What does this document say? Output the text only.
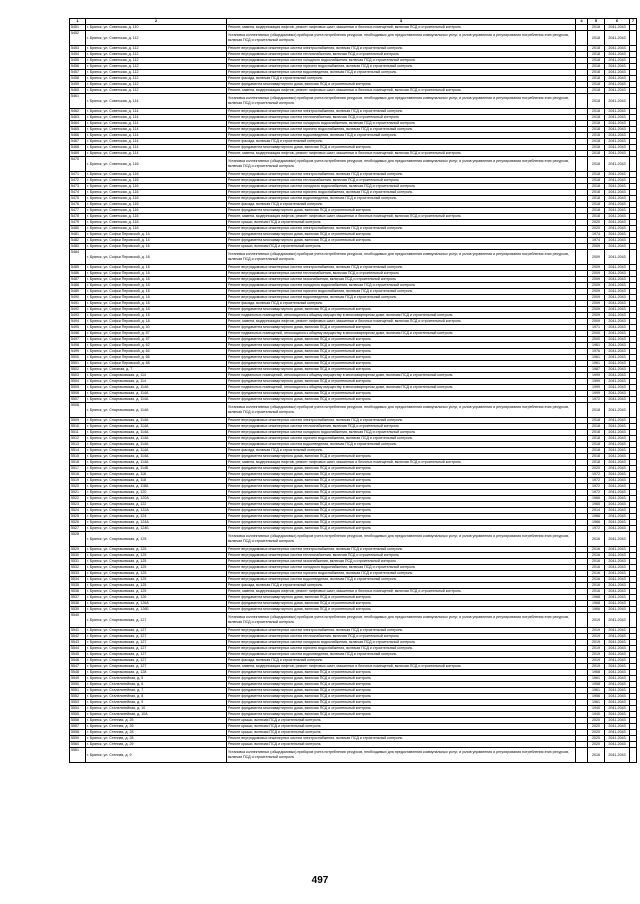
1	2	3	4	5	6	7
5451	г. Брянск, ул. Советская, д. 110	Ремонт, замена, модернизация лифтов, ремонт лифтовых шахт, машинных и блочных помещений, включая ПСД и строительный контроль		2018	2041-2043	
5452	г. Брянск, ул. Советская, д. 112	Установка коллективных (общедомовых) приборов учета потребления ресурсов, необходимых для предоставления коммунальных услуг, и узлов управления и регулирования потребления этих ресурсов, включая ПСД и строительный контроль		2018	2041-2043	
5453	г. Брянск, ул. Советская, д. 112	Ремонт внутридомовых инженерных систем электроснабжения, включая ПСД и строительный контроль		2018	2041-2043	
5454	г. Брянск, ул. Советская, д. 112	Ремонт внутридомовых инженерных систем теплоснабжения, включая ПСД и строительный контроль		2018	2041-2043	
5455	г. Брянск, ул. Советская, д. 112	Ремонт внутридомовых инженерных систем холодного водоснабжения, включая ПСД и строительный контроль		2018	2041-2043	
5456	г. Брянск, ул. Советская, д. 112	Ремонт внутридомовых инженерных систем горячего водоснабжения, включая ПСД и строительный контроль		2018	2041-2043	
5457	г. Брянск, ул. Советская, д. 112	Ремонт внутридомовых инженерных систем водоотведения, включая ПСД и строительный контроль		2018	2041-2043	
5458	г. Брянск, ул. Советская, д. 112	Ремонт фасада, включая ПСД и строительный контроль		2018	2041-2043	
5459	г. Брянск, ул. Советская, д. 112	Ремонт фундамента многоквартирного дома, включая ПСД и строительный контроль		2018	2041-2043	
5460	г. Брянск, ул. Советская, д. 112	Ремонт, замена, модернизация лифтов, ремонт лифтовых шахт, машинных и блочных помещений, включая ПСД и строительный контроль		2018	2041-2043	
5461	г. Брянск, ул. Советская, д. 114	Установка коллективных (общедомовых) приборов учета потребления ресурсов, необходимых для предоставления коммунальных услуг, и узлов управления и регулирования потребления этих ресурсов, включая ПСД и строительный контроль		2018	2041-2043	
5462	г. Брянск, ул. Советская, д. 114	Ремонт внутридомовых инженерных систем электроснабжения, включая ПСД и строительный контроль		2018	2041-2043	
5463	г. Брянск, ул. Советская, д. 114	Ремонт внутридомовых инженерных систем теплоснабжения, включая ПСД и строительный контроль		2018	2041-2043	
5464	г. Брянск, ул. Советская, д. 114	Ремонт внутридомовых инженерных систем холодного водоснабжения, включая ПСД и строительный контроль		2018	2041-2043	
5465	г. Брянск, ул. Советская, д. 114	Ремонт внутридомовых инженерных систем горячего водоснабжения, включая ПСД и строительный контроль		2018	2041-2043	
5466	г. Брянск, ул. Советская, д. 114	Ремонт внутридомовых инженерных систем водоотведения, включая ПСД и строительный контроль		2018	2041-2043	
5467	г. Брянск, ул. Советская, д. 114	Ремонт фасада, включая ПСД и строительный контроль		2018	2041-2043	
5468	г. Брянск, ул. Советская, д. 114	Ремонт фундамента многоквартирного дома, включая ПСД и строительный контроль		2018	2041-2043	
5469	г. Брянск, ул. Советская, д. 114	Ремонт, замена, модернизация лифтов, ремонт лифтовых шахт, машинных и блочных помещений, включая ПСД и строительный контроль		2018	2041-2043	
5470	г. Брянск, ул. Советская, д. 116	Установка коллективных (общедомовых) приборов учета потребления ресурсов, необходимых для предоставления коммунальных услуг, и узлов управления и регулирования потребления этих ресурсов, включая ПСД и строительный контроль		2018	2041-2043	
5471	г. Брянск, ул. Советская, д. 116	Ремонт внутридомовых инженерных систем электроснабжения, включая ПСД и строительный контроль		2018	2041-2043	
5472	г. Брянск, ул. Советская, д. 116	Ремонт внутридомовых инженерных систем теплоснабжения, включая ПСД и строительный контроль		2018	2041-2043	
5473	г. Брянск, ул. Советская, д. 116	Ремонт внутридомовых инженерных систем холодного водоснабжения, включая ПСД и строительный контроль		2018	2041-2043	
5474	г. Брянск, ул. Советская, д. 116	Ремонт внутридомовых инженерных систем горячего водоснабжения, включая ПСД и строительный контроль		2018	2041-2043	
5475	г. Брянск, ул. Советская, д. 116	Ремонт внутридомовых инженерных систем водоотведения, включая ПСД и строительный контроль		2018	2041-2043	
5476	г. Брянск, ул. Советская, д. 116	Ремонт фасада, включая ПСД и строительный контроль		2018	2041-2043	
5477	г. Брянск, ул. Советская, д. 116	Ремонт фундамента многоквартирного дома, включая ПСД и строительный контроль		2018	2041-2043	
5478	г. Брянск, ул. Советская, д. 116	Ремонт, замена, модернизация лифтов, ремонт лифтовых шахт, машинных и блочных помещений, включая ПСД и строительный контроль		2018	2041-2043	
5479	г. Брянск, ул. Советская, д. 118	Ремонт крыши, включая ПСД и строительный контроль		2020	2041-2043	
5480	г. Брянск, ул. Советская, д. 118	Ремонт внутридомовых инженерных систем электроснабжения, включая ПСД и строительный контроль		2020	2041-2043	
5481	г. Брянск, ул. Софьи Перовской, д. 14	Ремонт фундамента многоквартирного дома, включая ПСД и строительный контроль		1974	2041-2043	
5482	г. Брянск, ул. Софьи Перовской, д. 14	Ремонт фундамента многоквартирного дома, включая ПСД и строительный контроль		1974	2041-2043	
5483	г. Брянск, ул. Софьи Перовской, д. 16	Ремонт крыши, включая ПСД и строительный контроль		2009	2041-2043	
5484	г. Брянск, ул. Софьи Перовской, д. 18	Установка коллективных (общедомовых) приборов учета потребления ресурсов, необходимых для предоставления коммунальных услуг, и узлов управления и регулирования потребления этих ресурсов, включая ПСД и строительный контроль		2009	2041-2043	
5485	г. Брянск, ул. Софьи Перовской, д. 18	Ремонт внутридомовых инженерных систем электроснабжения, включая ПСД и строительный контроль		2009	2041-2043	
5486	г. Брянск, ул. Софьи Перовской, д. 18	Ремонт внутридомовых инженерных систем теплоснабжения, включая ПСД и строительный контроль		2009	2041-2043	
5487	г. Брянск, ул. Софьи Перовской, д. 18	Ремонт внутридомовых инженерных систем газоснабжения, включая ПСД и строительный контроль		2009	2041-2043	
5488	г. Брянск, ул. Софьи Перовской, д. 18	Ремонт внутридомовых инженерных систем холодного водоснабжения, включая ПСД и строительный контроль		2009	2041-2043	
5489	г. Брянск, ул. Софьи Перовской, д. 18	Ремонт внутридомовых инженерных систем горячего водоснабжения, включая ПСД и строительный контроль		2009	2041-2043	
5490	г. Брянск, ул. Софьи Перовской, д. 18	Ремонт внутридомовых инженерных систем водоотведения, включая ПСД и строительный контроль		2009	2041-2043	
5491	г. Брянск, ул. Софьи Перовской, д. 18	Ремонт фасада, включая ПСД и строительный контроль		2009	2041-2043	
5492	г. Брянск, ул. Софьи Перовской, д. 18	Ремонт фундамента многоквартирного дома, включая ПСД и строительный контроль		2009	2041-2043	
5493	г. Брянск, ул. Софьи Перовской, д. 18	Ремонт подвальных помещений, относящихся к общему имуществу в многоквартирном доме, включая ПСД и строительный контроль		2009	2041-2043	
5494	г. Брянск, ул. Софьи Перовской, д. 18	Ремонт, замена, модернизация лифтов, ремонт лифтовых шахт, машинных и блочных помещений, включая ПСД и строительный контроль		2009	2041-2043	
5495	г. Брянск, ул. Софьи Перовской, д. 40	Ремонт фундамента многоквартирного дома, включая ПСД и строительный контроль		1971	2041-2043	
5496	г. Брянск, ул. Софьи Перовской, д. 57	Ремонт подвальных помещений, относящихся к общему имуществу в многоквартирном доме, включая ПСД и строительный контроль		2000	2041-2043	
5497	г. Брянск, ул. Софьи Перовской, д. 57	Ремонт фундамента многоквартирного дома, включая ПСД и строительный контроль		2000	2041-2043	
5498	г. Брянск, ул. Софьи Перовской, д. 62	Ремонт фундамента многоквартирного дома, включая ПСД и строительный контроль		1961	2041-2043	
5499	г. Брянск, ул. Софьи Перовской, д. 64	Ремонт фундамента многоквартирного дома, включая ПСД и строительный контроль		1976	2041-2043	
5500	г. Брянск, ул. Софьи Перовской, д. 66	Ремонт фундамента многоквартирного дома, включая ПСД и строительный контроль		1961	2041-2043	
5501	г. Брянск, ул. Софьи Перовской, д. 68	Ремонт фундамента многоквартирного дома, включая ПСД и строительный контроль		1961	2041-2043	
5502	г. Брянск, ул. Союзная, д. 7	Ремонт фундамента многоквартирного дома, включая ПСД и строительный контроль		1987	2041-2043	
5503	г. Брянск, ул. Спартаковская, д. 114	Ремонт подвальных помещений, относящихся к общему имуществу в многоквартирном доме, включая ПСД и строительный контроль		1999	2041-2043	
5504	г. Брянск, ул. Спартаковская, д. 114	Ремонт фундамента многоквартирного дома, включая ПСД и строительный контроль		1999	2041-2043	
5505	г. Брянск, ул. Спартаковская, д. 114А	Ремонт подвальных помещений, относящихся к общему имуществу в многоквартирном доме, включая ПСД и строительный контроль		1999	2041-2043	
5506	г. Брянск, ул. Спартаковская, д. 114А	Ремонт фундамента многоквартирного дома, включая ПСД и строительный контроль		1999	2041-2043	
5507	г. Брянск, ул. Спартаковская, д. 114А	Ремонт фундамента многоквартирного дома, включая ПСД и строительный контроль		1972	2041-2043	
5508	г. Брянск, ул. Спартаковская, д. 114А	Установка коллективных (общедомовых) приборов учета потребления ресурсов, необходимых для предоставления коммунальных услуг, и узлов управления и регулирования потребления этих ресурсов, включая ПСД и строительный контроль		2018	2041-2043	
5509	г. Брянск, ул. Спартаковская, д. 114А	Ремонт внутридомовых инженерных систем электроснабжения, включая ПСД и строительный контроль		2018	2041-2043	
5510	г. Брянск, ул. Спартаковская, д. 114А	Ремонт внутридомовых инженерных систем теплоснабжения, включая ПСД и строительный контроль		2018	2041-2043	
5511	г. Брянск, ул. Спартаковская, д. 114А	Ремонт внутридомовых инженерных систем холодного водоснабжения, включая ПСД и строительный контроль		2018	2041-2043	
5512	г. Брянск, ул. Спартаковская, д. 114А	Ремонт внутридомовых инженерных систем горячего водоснабжения, включая ПСД и строительный контроль		2018	2041-2043	
5513	г. Брянск, ул. Спартаковская, д. 114А	Ремонт внутридомовых инженерных систем водоотведения, включая ПСД и строительный контроль		2018	2041-2043	
5514	г. Брянск, ул. Спартаковская, д. 114А	Ремонт фасада, включая ПСД и строительный контроль		2018	2041-2043	
5515	г. Брянск, ул. Спартаковская, д. 114А	Ремонт фундамента многоквартирного дома, включая ПСД и строительный контроль		2018	2041-2043	
5516	г. Брянск, ул. Спартаковская, д. 114А	Ремонт, замена, модернизация лифтов, ремонт лифтовых шахт, машинных и блочных помещений, включая ПСД и строительный контроль		2018	2041-2043	
5517	г. Брянск, ул. Спартаковская, д. 114Б	Ремонт фундамента многоквартирного дома, включая ПСД и строительный контроль		2020	2041-2043	
5518	г. Брянск, ул. Спартаковская, д. 116	Ремонт фундамента многоквартирного дома, включая ПСД и строительный контроль		1972	2041-2043	
5519	г. Брянск, ул. Спартаковская, д. 118	Ремонт фундамента многоквартирного дома, включая ПСД и строительный контроль		1972	2041-2043	
5520	г. Брянск, ул. Спартаковская, д. 118А	Ремонт фундамента многоквартирного дома, включая ПСД и строительный контроль		1972	2041-2043	
5521	г. Брянск, ул. Спартаковская, д. 120	Ремонт фундамента многоквартирного дома, включая ПСД и строительный контроль		1972	2041-2043	
5522	г. Брянск, ул. Спартаковская, д. 120А	Ремонт фундамента многоквартирного дома, включая ПСД и строительный контроль		1966	2041-2043	
5523	г. Брянск, ул. Спартаковская, д. 122	Ремонт фундамента многоквартирного дома, включая ПСД и строительный контроль		1965	2041-2043	
5524	г. Брянск, ул. Спартаковская, д. 122А	Ремонт фундамента многоквартирного дома, включая ПСД и строительный контроль		2014	2041-2043	
5525	г. Брянск, ул. Спартаковская, д. 124	Ремонт фундамента многоквартирного дома, включая ПСД и строительный контроль		1966	2041-2043	
5526	г. Брянск, ул. Спартаковская, д. 124А	Ремонт фундамента многоквартирного дома, включая ПСД и строительный контроль		1966	2041-2043	
5527	г. Брянск, ул. Спартаковская, д. 124Б	Ремонт фундамента многоквартирного дома, включая ПСД и строительный контроль		1972	2041-2043	
5528	г. Брянск, ул. Спартаковская, д. 125	Установка коллективных (общедомовых) приборов учета потребления ресурсов, необходимых для предоставления коммунальных услуг, и узлов управления и регулирования потребления этих ресурсов, включая ПСД и строительный контроль		2016	2041-2043	
5529	г. Брянск, ул. Спартаковская, д. 125	Ремонт внутридомовых инженерных систем электроснабжения, включая ПСД и строительный контроль		2016	2041-2043	
5530	г. Брянск, ул. Спартаковская, д. 125	Ремонт внутридомовых инженерных систем теплоснабжения, включая ПСД и строительный контроль		2016	2041-2043	
5531	г. Брянск, ул. Спартаковская, д. 125	Ремонт внутридомовых инженерных систем газоснабжения, включая ПСД и строительный контроль		2016	2041-2043	
5532	г. Брянск, ул. Спартаковская, д. 125	Ремонт внутридомовых инженерных систем холодного водоснабжения, включая ПСД и строительный контроль		2016	2041-2043	
5533	г. Брянск, ул. Спартаковская, д. 125	Ремонт внутридомовых инженерных систем горячего водоснабжения, включая ПСД и строительный контроль		2016	2041-2043	
5534	г. Брянск, ул. Спартаковская, д. 125	Ремонт внутридомовых инженерных систем водоотведения, включая ПСД и строительный контроль		2016	2041-2043	
5535	г. Брянск, ул. Спартаковская, д. 125	Ремонт фасада, включая ПСД и строительный контроль		2016	2041-2043	
5536	г. Брянск, ул. Спартаковская, д. 125	Ремонт, замена, модернизация лифтов, ремонт лифтовых шахт, машинных и блочных помещений, включая ПСД и строительный контроль		2016	2041-2043	
5537	г. Брянск, ул. Спартаковская, д. 126	Ремонт фундамента многоквартирного дома, включая ПСД и строительный контроль		1968	2041-2043	
5538	г. Брянск, ул. Спартаковская, д. 126А	Ремонт фундамента многоквартирного дома, включая ПСД и строительный контроль		1968	2041-2043	
5539	г. Брянск, ул. Спартаковская, д. 126Б	Ремонт фундамента многоквартирного дома, включая ПСД и строительный контроль		1966	2041-2043	
5540	г. Брянск, ул. Спартаковская, д. 127	Установка коллективных (общедомовых) приборов учета потребления ресурсов, необходимых для предоставления коммунальных услуг, и узлов управления и регулирования потребления этих ресурсов, включая ПСД и строительный контроль		2019	2041-2043	
5541	г. Брянск, ул. Спартаковская, д. 127	Ремонт внутридомовых инженерных систем электроснабжения, включая ПСД и строительный контроль		2019	2041-2043	
5542	г. Брянск, ул. Спартаковская, д. 127	Ремонт внутридомовых инженерных систем теплоснабжения, включая ПСД и строительный контроль		2019	2041-2043	
5543	г. Брянск, ул. Спартаковская, д. 127	Ремонт внутридомовых инженерных систем холодного водоснабжения, включая ПСД и строительный контроль		2019	2041-2043	
5544	г. Брянск, ул. Спартаковская, д. 127	Ремонт внутридомовых инженерных систем горячего водоснабжения, включая ПСД и строительный контроль		2019	2041-2043	
5545	г. Брянск, ул. Спартаковская, д. 127	Ремонт внутридомовых инженерных систем водоотведения, включая ПСД и строительный контроль		2019	2041-2043	
5546	г. Брянск, ул. Спартаковская, д. 127	Ремонт фасада, включая ПСД и строительный контроль		2019	2041-2043	
5547	г. Брянск, ул. Спартаковская, д. 127	Ремонт, замена, модернизация лифтов, ремонт лифтовых шахт, машинных и блочных помещений, включая ПСД и строительный контроль		2019	2041-2043	
5548	г. Брянск, ул. Спартаковская, д. 128	Ремонт фундамента многоквартирного дома, включая ПСД и строительный контроль		1968	2041-2043	
5549	г. Брянск, ул. Сталелитейная, д. 5	Ремонт фундамента многоквартирного дома, включая ПСД и строительный контроль		1961	2041-2043	
5550	г. Брянск, ул. Сталелитейная, д. 6	Ремонт фундамента многоквартирного дома, включая ПСД и строительный контроль		1958	2041-2043	
5551	г. Брянск, ул. Сталелитейная, д. 7	Ремонт фундамента многоквартирного дома, включая ПСД и строительный контроль		1961	2041-2043	
5552	г. Брянск, ул. Сталелитейная, д. 8	Ремонт фундамента многоквартирного дома, включая ПСД и строительный контроль		1956	2041-2043	
5553	г. Брянск, ул. Сталелитейная, д. 9	Ремонт фундамента многоквартирного дома, включая ПСД и строительный контроль		1961	2041-2043	
5554	г. Брянск, ул. Сталелитейная, д. 10	Ремонт фундамента многоквартирного дома, включая ПСД и строительный контроль		1940	2041-2043	
5555	г. Брянск, ул. Сталелитейная, д. 10А	Ремонт фундамента многоквартирного дома, включая ПСД и строительный контроль		1940	2041-2043	
5556	г. Брянск, ул. Степная, д. 25	Ремонт крыши, включая ПСД и строительный контроль		2020	2041-2043	
5557	г. Брянск, ул. Степная, д. 26	Ремонт крыши, включая ПСД и строительный контроль		2020	2041-2043	
5558	г. Брянск, ул. Степная, д. 28	Ремонт крыши, включая ПСД и строительный контроль		2020	2041-2043	
5559	г. Брянск, ул. Степная, д. 28	Ремонт внутридомовых инженерных систем электроснабжения, включая ПСД и строительный контроль		2020	2041-2043	
5560	г. Брянск, ул. Степная, д. 29	Ремонт крыши, включая ПСД и строительный контроль		2020	2041-2043	
5561	г. Брянск, ул. Степная, д. 9	Установка коллективных (общедомовых) приборов учета потребления ресурсов, необходимых для предоставления коммунальных услуг, и узлов управления и регулирования потребления этих ресурсов, включая ПСД и строительный контроль		2016	2041-2043	
497
